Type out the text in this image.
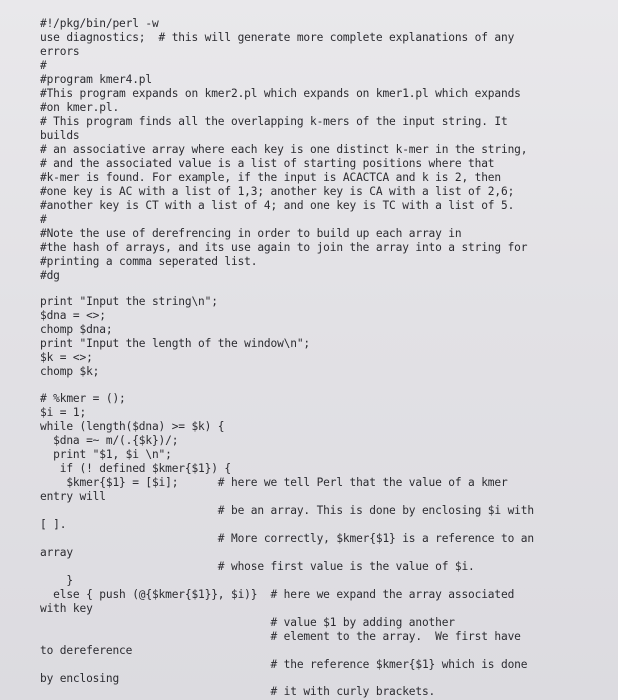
#!/pkg/bin/perl -w
use diagnostics;  # this will generate more complete explanations of any
errors
#
#program kmer4.pl
#This program expands on kmer2.pl which expands on kmer1.pl which expands
#on kmer.pl.
# This program finds all the overlapping k-mers of the input string. It
builds
# an associative array where each key is one distinct k-mer in the string,
# and the associated value is a list of starting positions where that
#k-mer is found. For example, if the input is ACACTCA and k is 2, then
#one key is AC with a list of 1,3; another key is CA with a list of 2,6;
#another key is CT with a list of 4; and one key is TC with a list of 5.
#
#Note the use of derefrencing in order to build up each array in
#the hash of arrays, and its use again to join the array into a string for
#printing a comma seperated list.
#dg
print "Input the string\n";
$dna = <>;
chomp $dna;
print "Input the length of the window\n";
$k = <>;
chomp $k;
# %kmer = ();
$i = 1;
while (length($dna) >= $k) {
$dna =~ m/(.{$k})/;
print "$1, $i \n";
if (! defined $kmer{$1}) {
$kmer{$1} = [$i];      # here we tell Perl that the value of a kmer
entry will
# be an array. This is done by enclosing $i with
[ ].
# More correctly, $kmer{$1} is a reference to an
array
# whose first value is the value of $i.
}
else { push (@{$kmer{$1}}, $i)}  # here we expand the array associated
with key
# value $1 by adding another
# element to the array.  We first have
to dereference
# the reference $kmer{$1} which is done
by enclosing
# it with curly brackets.
